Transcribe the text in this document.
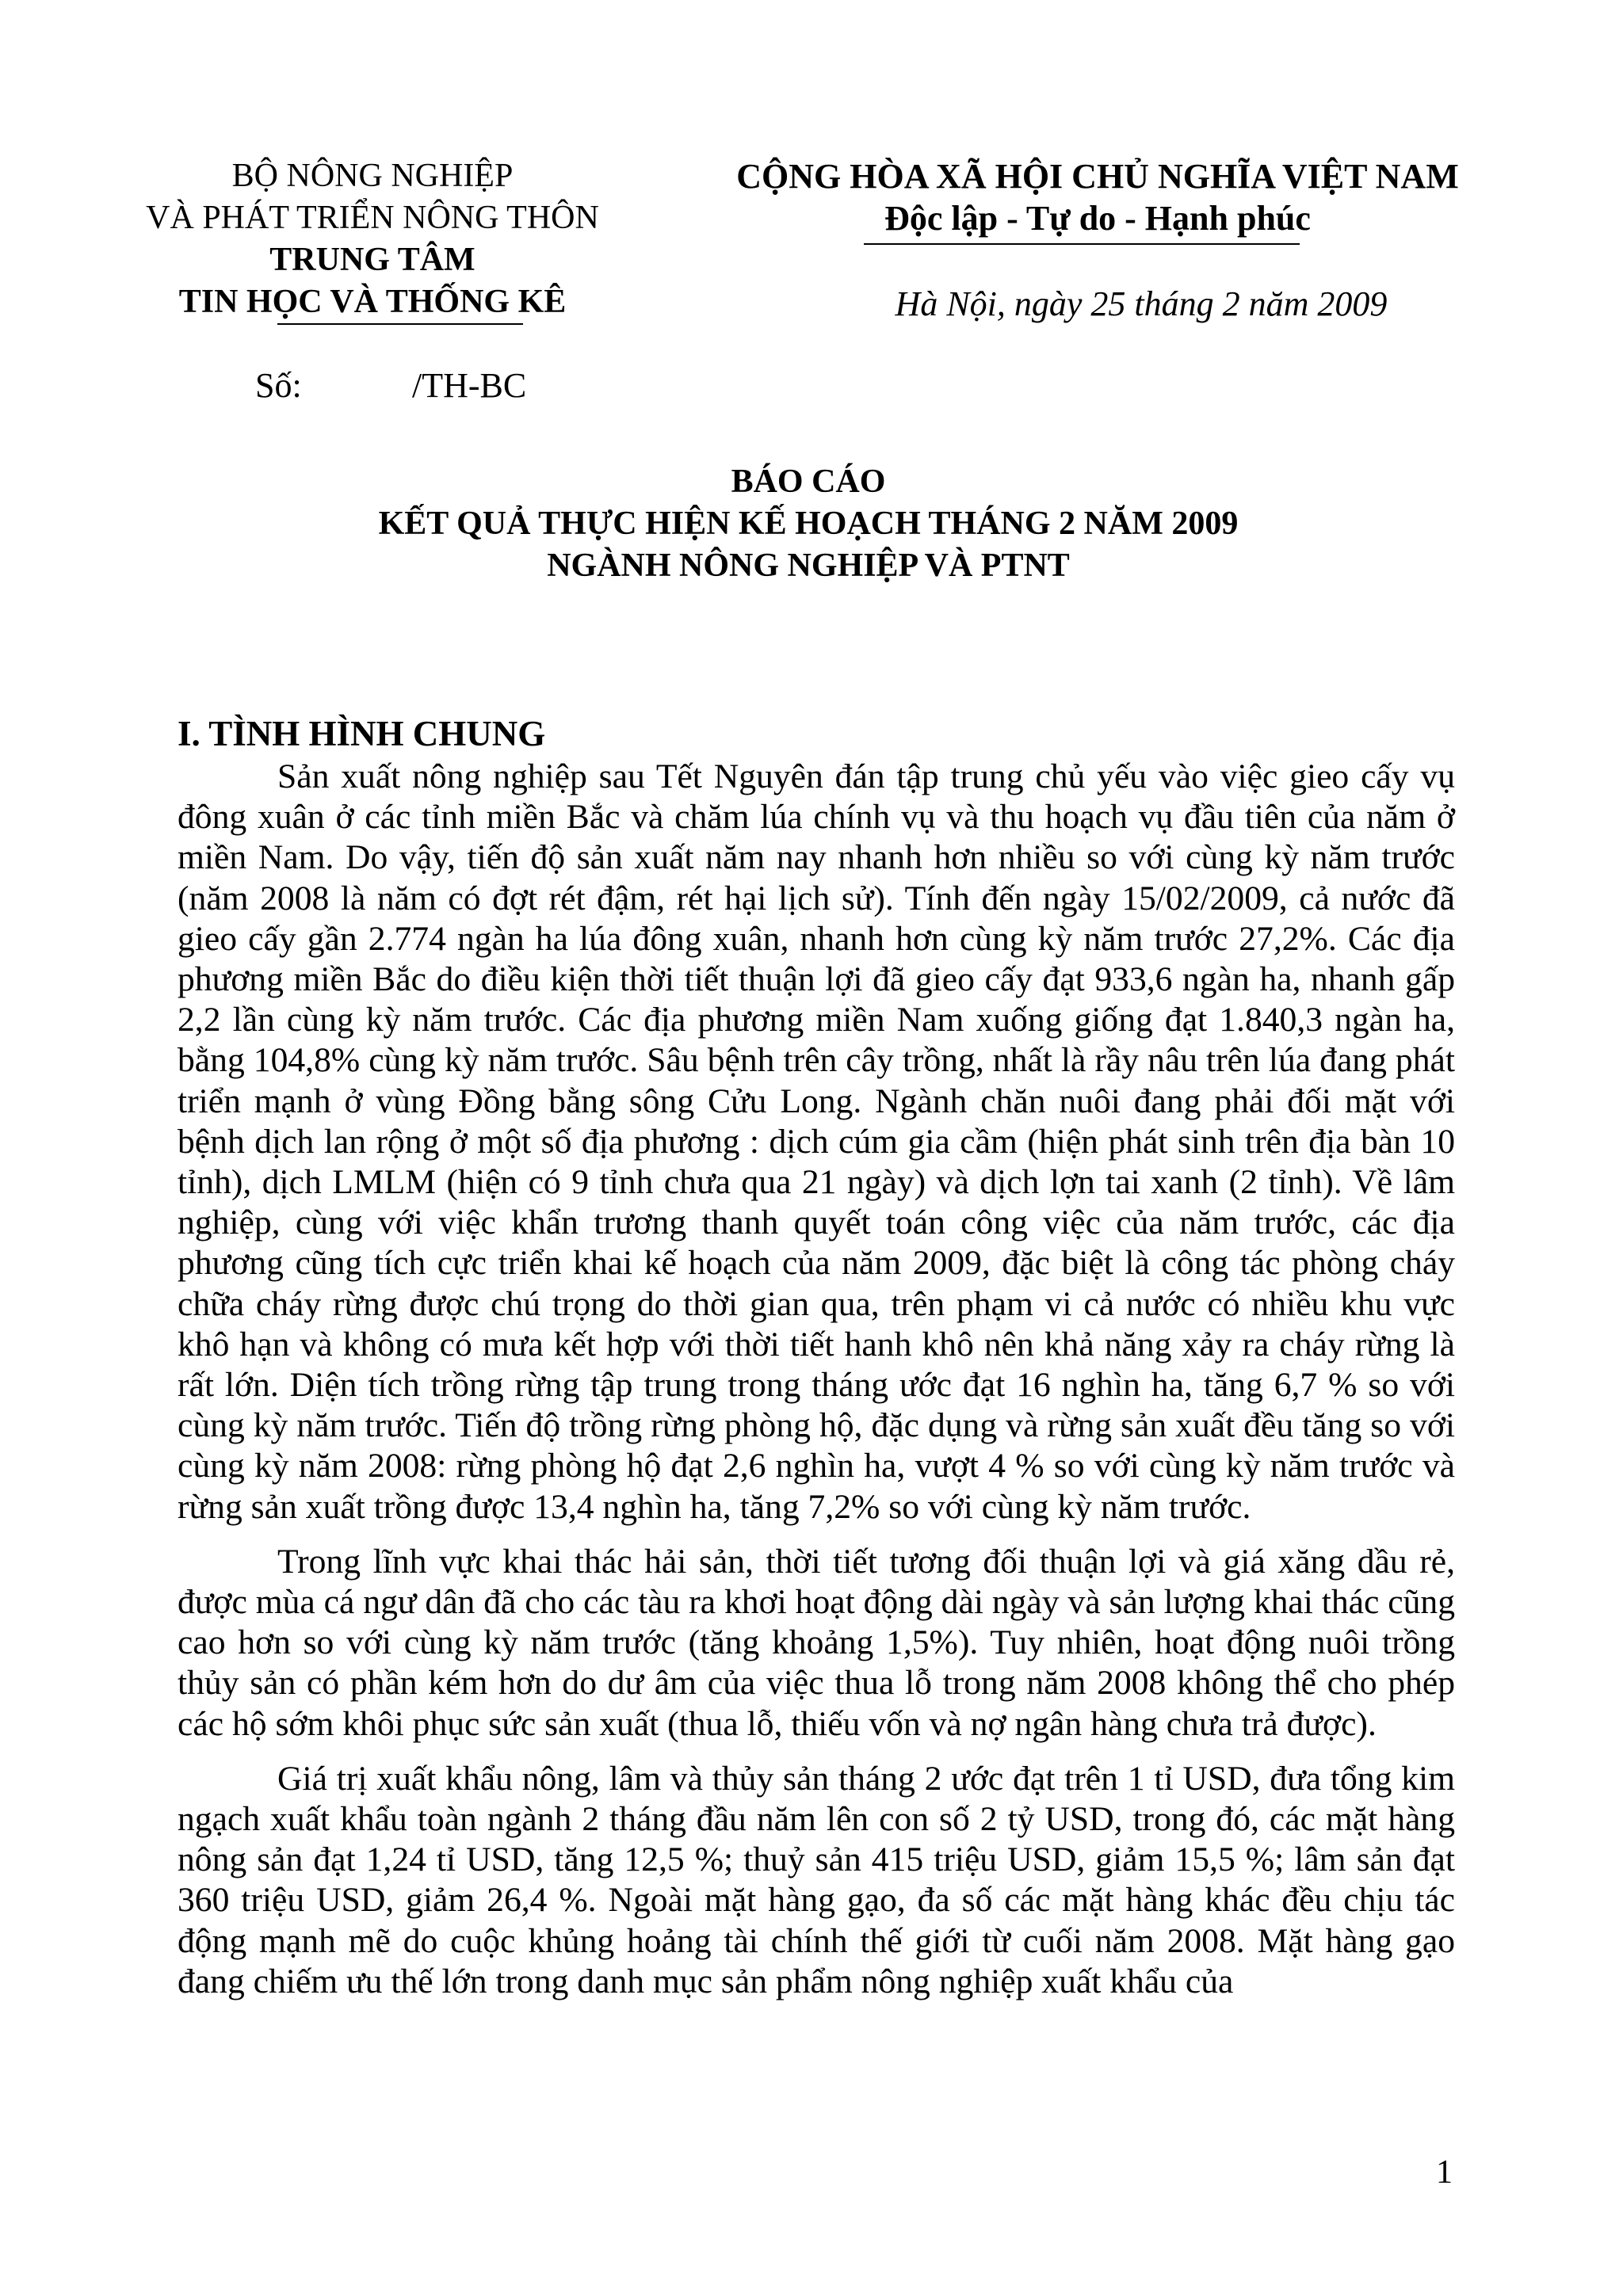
BỘ NÔNG NGHIỆP
VÀ PHÁT TRIỂN NÔNG THÔN
TRUNG TÂM
TIN HỌC VÀ THỐNG KÊ
CỘNG HÒA XÃ HỘI CHỦ NGHĨA VIỆT NAM
Độc lập - Tự do - Hạnh phúc
Hà Nội, ngày 25 tháng 2 năm 2009
Số:	/TH-BC
BÁO CÁO
KẾT QUẢ THỰC HIỆN KẾ HOẠCH THÁNG 2 NĂM 2009
NGÀNH NÔNG NGHIỆP VÀ PTNT
I. TÌNH HÌNH CHUNG

Sản xuất nông nghiệp sau Tết Nguyên đán tập trung chủ yếu vào việc gieo cấy vụ đông xuân ở các tỉnh miền Bắc và chăm lúa chính vụ và thu hoạch vụ đầu tiên của năm ở miền Nam. Do vậy, tiến độ sản xuất năm nay nhanh hơn nhiều so với cùng kỳ năm trước (năm 2008 là năm có đợt rét đậm, rét hại lịch sử). Tính đến ngày 15/02/2009, cả nước đã gieo cấy gần 2.774 ngàn ha lúa đông xuân, nhanh hơn cùng kỳ năm trước 27,2%. Các địa phương miền Bắc do điều kiện thời tiết thuận lợi đã gieo cấy đạt 933,6 ngàn ha, nhanh gấp 2,2 lần cùng kỳ năm trước. Các địa phương miền Nam xuống giống đạt 1.840,3 ngàn ha, bằng 104,8% cùng kỳ năm trước. Sâu bệnh trên cây trồng, nhất là rầy nâu trên lúa đang phát triển mạnh ở vùng Đồng bằng sông Cửu Long. Ngành chăn nuôi đang phải đối mặt với bệnh dịch lan rộng ở một số địa phương : dịch cúm gia cầm (hiện phát sinh trên địa bàn 10 tỉnh), dịch LMLM (hiện có 9 tỉnh chưa qua 21 ngày) và dịch lợn tai xanh (2 tỉnh). Về lâm nghiệp, cùng với việc khẩn trương thanh quyết toán công việc của năm trước, các địa phương cũng tích cực triển khai kế hoạch của năm 2009, đặc biệt là công tác phòng cháy chữa cháy rừng được chú trọng do thời gian qua, trên phạm vi cả nước có nhiều khu vực khô hạn và không có mưa kết hợp với thời tiết hanh khô nên khả năng xảy ra cháy rừng là rất lớn. Diện tích trồng rừng tập trung trong tháng ước đạt 16 nghìn ha, tăng 6,7 % so với cùng kỳ năm trước. Tiến độ trồng rừng phòng hộ, đặc dụng và rừng sản xuất đều tăng so với cùng kỳ năm 2008: rừng phòng hộ đạt 2,6 nghìn ha, vượt 4 % so với cùng kỳ năm trước và rừng sản xuất trồng được 13,4 nghìn ha, tăng 7,2% so với cùng kỳ năm trước.

Trong lĩnh vực khai thác hải sản, thời tiết tương đối thuận lợi và giá xăng dầu rẻ, được mùa cá ngư dân đã cho các tàu ra khơi hoạt động dài ngày và sản lượng khai thác cũng cao hơn so với cùng kỳ năm trước (tăng khoảng 1,5%). Tuy nhiên, hoạt động nuôi trồng thủy sản có phần kém hơn do dư âm của việc thua lỗ trong năm 2008 không thể cho phép các hộ sớm khôi phục sức sản xuất (thua lỗ, thiếu vốn và nợ ngân hàng chưa trả được).

Giá trị xuất khẩu nông, lâm và thủy sản tháng 2 ước đạt trên 1 tỉ USD, đưa tổng kim ngạch xuất khẩu toàn ngành 2 tháng đầu năm lên con số 2 tỷ USD, trong đó, các mặt hàng nông sản đạt 1,24 tỉ USD, tăng 12,5 %; thuỷ sản 415 triệu USD, giảm 15,5 %; lâm sản đạt 360 triệu USD, giảm 26,4 %. Ngoài mặt hàng gạo, đa số các mặt hàng khác đều chịu tác động mạnh mẽ do cuộc khủng hoảng tài chính thế giới từ cuối năm 2008. Mặt hàng gạo đang chiếm ưu thế lớn trong danh mục sản phẩm nông nghiệp xuất khẩu của

1
